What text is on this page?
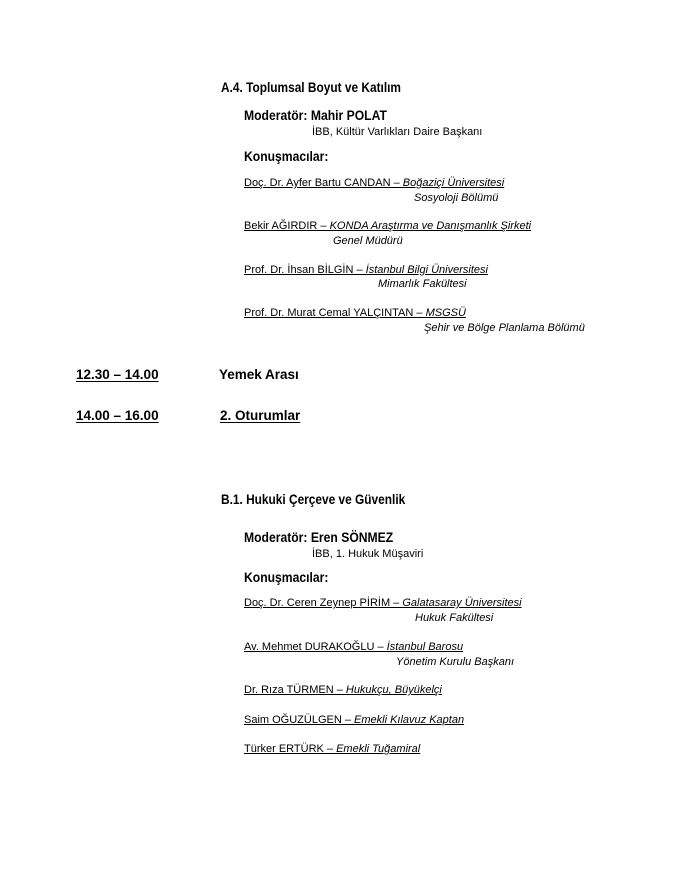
A.4. Toplumsal Boyut ve Katılım
Moderatör: Mahir POLAT
İBB, Kültür Varlıkları Daire Başkanı
Konuşmacılar:
Doç. Dr. Ayfer Bartu CANDAN – Boğaziçi Üniversitesi
Sosyoloji Bölümü
Bekir AĞIRDIR – KONDA Araştırma ve Danışmanlık Şirketi
Genel Müdürü
Prof. Dr. İhsan BİLGİN – İstanbul Bilgi Üniversitesi
Mimarlık Fakültesi
Prof. Dr. Murat Cemal YALÇINTAN – MSGSÜ
Şehir ve Bölge Planlama Bölümü
12.30 – 14.00	Yemek Arası
14.00 – 16.00	2. Oturumlar
B.1. Hukuki Çerçeve ve Güvenlik
Moderatör: Eren SÖNMEZ
İBB, 1. Hukuk Müşaviri
Konuşmacılar:
Doç. Dr. Ceren Zeynep PİRİM – Galatasaray Üniversitesi
Hukuk Fakültesi
Av. Mehmet DURAKOĞLU – İstanbul Barosu
Yönetim Kurulu Başkanı
Dr. Rıza TÜRMEN – Hukukçu, Büyükelçi
Saim OĞUZÜLGEN – Emekli Kılavuz Kaptan
Türker ERTÜRK – Emekli Tuğamiral
